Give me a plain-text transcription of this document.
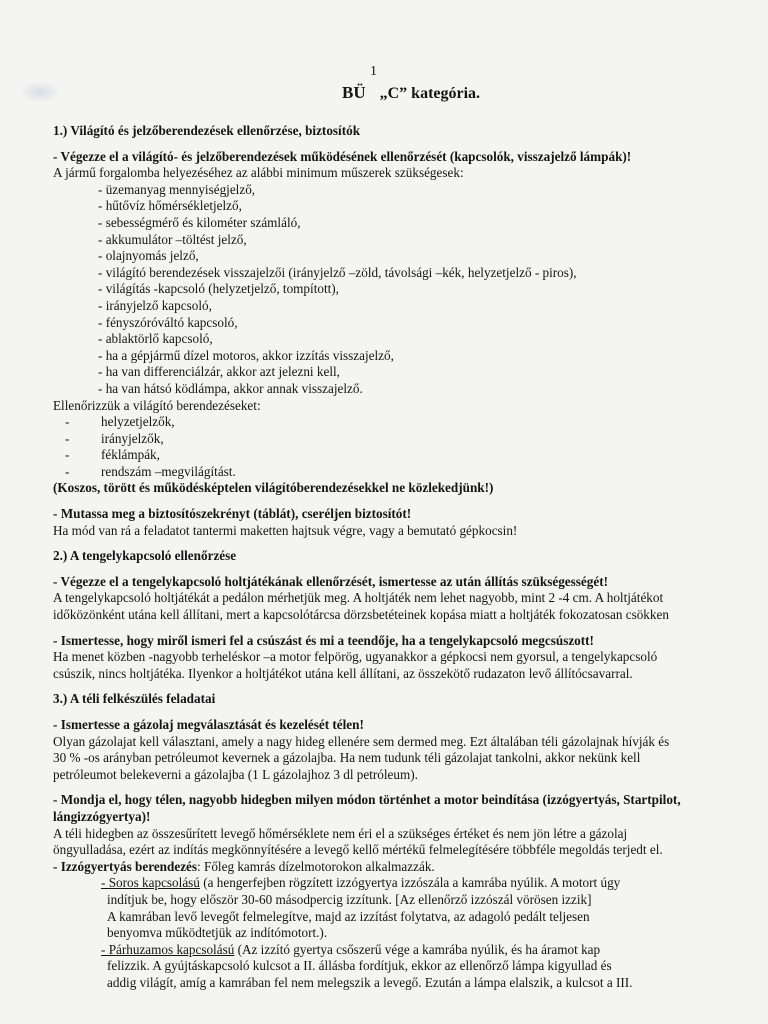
1
BÜ „C” kategória.

1.) Világító és jelzőberendezések ellenőrzése, biztosítók

- Végezze el a világító- és jelzőberendezések működésének ellenőrzését (kapcsolók, visszajelző lámpák)!

A jármű forgalomba helyezéséhez az alábbi minimum műszerek szükségesek:

- üzemanyag mennyiségjelző,

- hűtővíz hőmérsékletjelző,

- sebességmérő és kilométer számláló,

- akkumulátor –töltést jelző,

- olajnyomás jelző,

- világító berendezések visszajelzői (irányjelző –zöld, távolsági –kék, helyzetjelző - piros),

- világítás -kapcsoló (helyzetjelző, tompított),

- irányjelző kapcsoló,

- fényszóróváltó kapcsoló,

- ablaktörlő kapcsoló,

- ha a gépjármű dízel motoros, akkor izzítás visszajelző,

- ha van differenciálzár, akkor azt jelezni kell,

- ha van hátsó ködlámpa, akkor annak visszajelző.

Ellenőrizzük a világító berendezéseket:

- helyzetjelzők,

- irányjelzők,

- féklámpák,

- rendszám –megvilágítást.

(Koszos, törött és működésképtelen világítóberendezésekkel ne közlekedjünk!)

- Mutassa meg a biztosítószekrényt (táblát), cseréljen biztosítót!

Ha mód van rá a feladatot tantermi maketten hajtsuk végre, vagy a bemutató gépkocsin!

2.) A tengelykapcsoló ellenőrzése

- Végezze el a tengelykapcsoló holtjátékának ellenőrzését, ismertesse az után állítás szükségességét!

A tengelykapcsoló holtjátékát a pedálon mérhetjük meg. A holtjáték nem lehet nagyobb, mint 2 -4 cm. A holtjátékot

időközönként utána kell állítani, mert a kapcsolótárcsa dörzsbetéteinek kopása miatt a holtjáték fokozatosan csökken

- Ismertesse, hogy miről ismeri fel a csúszást és mi a teendője, ha a tengelykapcsoló megcsúszott!

Ha menet közben -nagyobb terheléskor –a motor felpörög, ugyanakkor a gépkocsi nem gyorsul, a tengelykapcsoló

csúszik, nincs holtjátéka. Ilyenkor a holtjátékot utána kell állítani, az összekötő rudazaton levő állítócsavarral.

3.) A téli felkészülés feladatai

- Ismertesse a gázolaj megválasztását és kezelését télen!

Olyan gázolajat kell választani, amely a nagy hideg ellenére sem dermed meg. Ezt általában téli gázolajnak hívják és

30 % -os arányban petróleumot kevernek a gázolajba. Ha nem tudunk téli gázolajat tankolni, akkor nekünk kell

petróleumot belekeverni a gázolajba (1 L gázolajhoz 3 dl petróleum).

- Mondja el, hogy télen, nagyobb hidegben milyen módon történhet a motor beindítása (izzógyertyás, Startpilot,

lángizzógyertya)!

A téli hidegben az összesűrített levegő hőmérséklete nem éri el a szükséges értéket és nem jön létre a gázolaj

öngyulladása, ezért az indítás megkönnyítésére a levegő kellő mértékű felmelegítésére többféle megoldás terjedt el.

- Izzógyertyás berendezés: Főleg kamrás dízelmotorokon alkalmazzák.

- Soros kapcsolású (a hengerfejben rögzített izzógyertya izzószála a kamrába nyúlik. A motort úgy

indítjuk be, hogy először 30-60 másodpercig izzítunk. [Az ellenőrző izzószál vörösen izzik]

A kamrában levő levegőt felmelegítve, majd az izzítást folytatva, az adagoló pedált teljesen

benyomva működtetjük az indítómotort.).

- Párhuzamos kapcsolású (Az izzító gyertya csőszerű vége a kamrába nyúlik, és ha áramot kap

felizzik. A gyújtáskapcsoló kulcsot a II. állásba fordítjuk, ekkor az ellenőrző lámpa kigyullad és

addig világít, amíg a kamrában fel nem melegszik a levegő. Ezután a lámpa elalszik, a kulcsot a III.
